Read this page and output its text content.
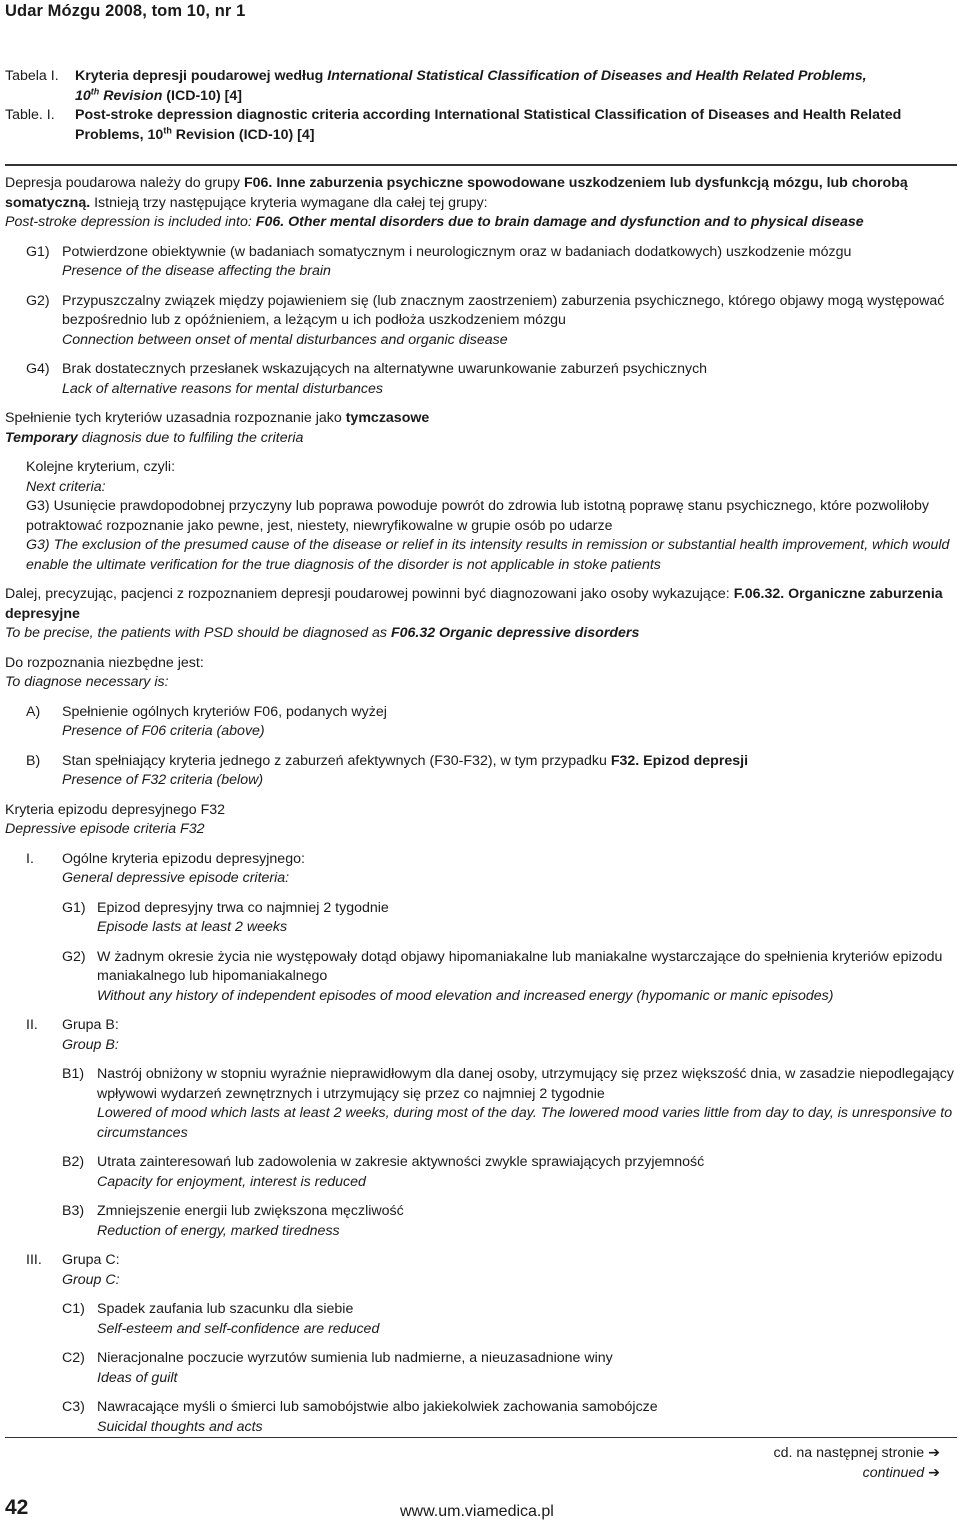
Udar Mózgu 2008, tom 10, nr 1
Tabela I.	Kryteria depresji poudarowej według International Statistical Classification of Diseases and Health Related Problems,
10th Revision (ICD-10) [4]
Table. I.	Post-stroke depression diagnostic criteria according International Statistical Classification of Diseases and Health Related Problems, 10th Revision (ICD-10) [4]

Depresja poudarowa należy do grupy F06. Inne zaburzenia psychiczne spowodowane uszkodzeniem lub dysfunkcją mózgu, lub chorobą somatyczną. Istnieją trzy następujące kryteria wymagane dla całej tej grupy:

Post-stroke depression is included into: F06. Other mental disorders due to brain damage and dysfunction and to physical disease

G1) Potwierdzone obiektywnie (w badaniach somatycznym i neurologicznym oraz w badaniach dodatkowych) uszkodzenie mózgu

Presence of the disease affecting the brain

G2) Przypuszczalny związek między pojawieniem się (lub znacznym zaostrzeniem) zaburzenia psychicznego, którego objawy mogą występować bezpośrednio lub z opóźnieniem, a leżącym u ich podłoża uszkodzeniem mózgu

Connection between onset of mental disturbances and organic disease

G4) Brak dostatecznych przesłanek wskazujących na alternatywne uwarunkowanie zaburzeń psychicznych

Lack of alternative reasons for mental disturbances

Spełnienie tych kryteriów uzasadnia rozpoznanie jako tymczasowe

Temporary diagnosis due to fulfiling the criteria

Kolejne kryterium, czyli:

Next criteria:

G3) Usunięcie prawdopodobnej przyczyny lub poprawa powoduje powrót do zdrowia lub istotną poprawę stanu psychicznego, które pozwoliłoby potraktować rozpoznanie jako pewne, jest, niestety, niewryfikowalne w grupie osób po udarze

G3) The exclusion of the presumed cause of the disease or relief in its intensity results in remission or substantial health improvement, which would enable the ultimate verification for the true diagnosis of the disorder is not applicable in stoke patients

Dalej, precyzując, pacjenci z rozpoznaniem depresji poudarowej powinni być diagnozowani jako osoby wykazujące: F.06.32. Organiczne zaburzenia depresyjne

To be precise, the patients with PSD should be diagnosed as F06.32 Organic depressive disorders

Do rozpoznania niezbędne jest:

To diagnose necessary is:

A)	Spełnienie ogólnych kryteriów F06, podanych wyżej

Presence of F06 criteria (above)

B)	Stan spełniający kryteria jednego z zaburzeń afektywnych (F30-F32), w tym przypadku F32. Epizod depresji

Presence of F32 criteria (below)

Kryteria epizodu depresyjnego F32

Depressive episode criteria F32

I.	Ogólne kryteria epizodu depresyjnego:

General depressive episode criteria:

G1) Epizod depresyjny trwa co najmniej 2 tygodnie

Episode lasts at least 2 weeks

G2) W żadnym okresie życia nie występowały dotąd objawy hipomaniakalne lub maniakalne wystarczające do spełnienia kryteriów epizodu maniakalnego lub hipomaniakalnego

Without any history of independent episodes of mood elevation and increased energy (hypomanic or manic episodes)

II.	Grupa B:

Group B:

B1) Nastrój obniżony w stopniu wyraźnie nieprawidłowym dla danej osoby, utrzymujący się przez większość dnia, w zasadzie niepodlegający wpływowi wydarzeń zewnętrznych i utrzymujący się przez co najmniej 2 tygodnie

Lowered of mood which lasts at least 2 weeks, during most of the day. The lowered mood varies little from day to day, is unresponsive to circumstances

B2) Utrata zainteresowań lub zadowolenia w zakresie aktywności zwykle sprawiających przyjemność

Capacity for enjoyment, interest is reduced

B3) Zmniejszenie energii lub zwiększona męczliwość

Reduction of energy, marked tiredness

III.	Grupa C:

Group C:

C1) Spadek zaufania lub szacunku dla siebie

Self-esteem and self-confidence are reduced

C2) Nieracjonalne poczucie wyrzutów sumienia lub nadmierne, a nieuzasadnione winy

Ideas of guilt

C3) Nawracające myśli o śmierci lub samobójstwie albo jakiekolwiek zachowania samobójcze

Suicidal thoughts and acts

cd. na następnej stronie ➔
continued ➔
42	www.um.viamedica.pl
